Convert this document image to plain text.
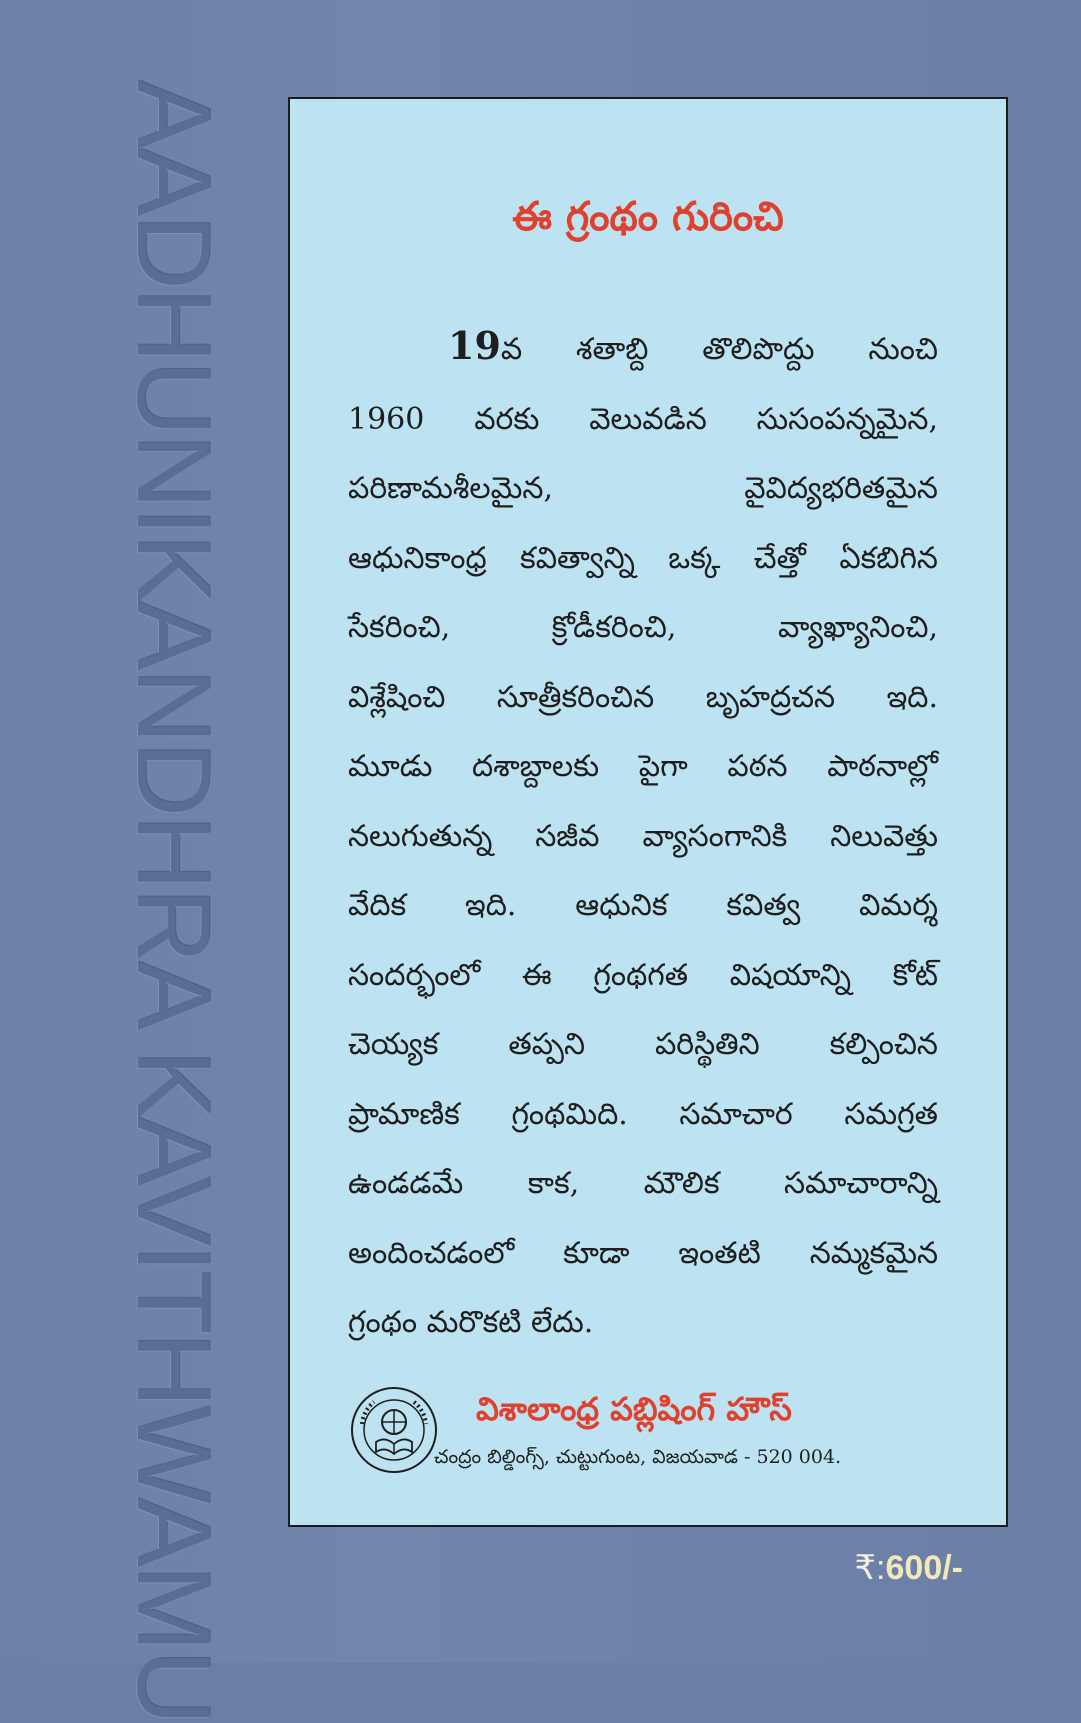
AADHUNIKANDHRA KAVITHWAMU	ఈ గ్రంథం గురించి
19వ శతాబ్ది తొలిపొద్దు నుంచి
1960 వరకు వెలువడిన సుసంపన్నమైన,
పరిణామశీలమైన, వైవిద్యభరితమైన
ఆధునికాంధ్ర కవిత్వాన్ని ఒక్క చేత్తో ఏకబిగిన
సేకరించి, క్రోడీకరించి, వ్యాఖ్యానించి,
విశ్లేషించి సూత్రీకరించిన బృహద్రచన ఇది.
మూడు దశాబ్దాలకు పైగా పఠన పాఠనాల్లో
నలుగుతున్న సజీవ వ్యాసంగానికి నిలువెత్తు
వేదిక ఇది. ఆధునిక కవిత్వ విమర్శ
సందర్భంలో ఈ గ్రంథగత విషయాన్ని కోట్
చెయ్యక తప్పని పరిస్థితిని కల్పించిన
ప్రామాణిక గ్రంథమిది. సమాచార సమగ్రత
ఉండడమే కాక, మౌలిక సమాచారాన్ని
అందించడంలో కూడా ఇంతటి నమ్మకమైన
గ్రంథం మరొకటి లేదు.
విశాలాంధ్ర పబ్లిషింగ్ హౌస్
చంద్రం బిల్డింగ్స్, చుట్టుగుంట, విజయవాడ - 520 004.
₹:600/-
